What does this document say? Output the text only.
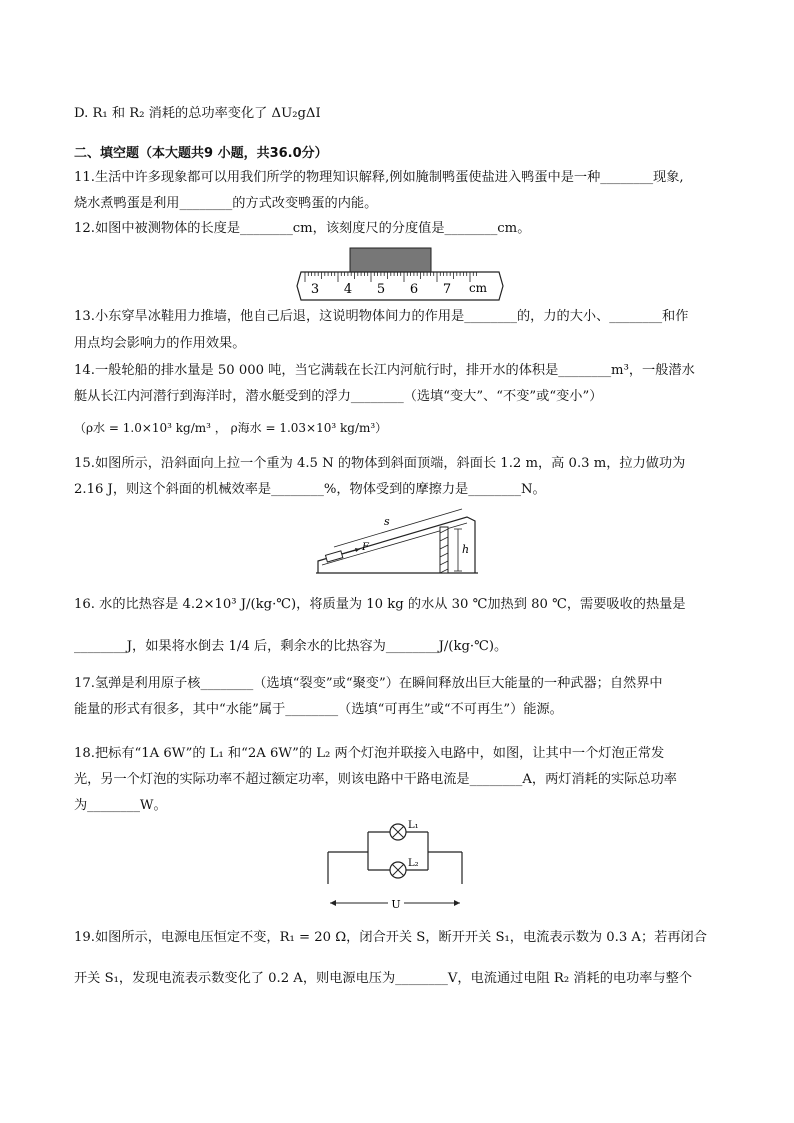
D. R₁ 和 R₂ 消耗的总功率变化了 ΔU₂gΔI
二、填空题（本大题共9 小题，共36.0分）
11.生活中许多现象都可以用我们所学的物理知识解释,例如腌制鸭蛋使盐进入鸭蛋中是一种________现象,
烧水煮鸭蛋是利用________的方式改变鸭蛋的内能。
12.如图中被测物体的长度是________cm，该刻度尺的分度值是________cm。
3 4 5 6 7 cm
13.小东穿旱冰鞋用力推墙，他自己后退，这说明物体间力的作用是________的，力的大小、________和作
用点均会影响力的作用效果。
14.一般轮船的排水量是 50 000 吨，当它满载在长江内河航行时，排开水的体积是________m³，一般潜水
艇从长江内河潜行到海洋时，潜水艇受到的浮力________（选填“变大”、“不变”或“变小”）
（ρ水 = 1.0×10³ kg/m³ ， ρ海水 = 1.03×10³ kg/m³）
15.如图所示，沿斜面向上拉一个重为 4.5 N 的物体到斜面顶端，斜面长 1.2 m，高 0.3 m，拉力做功为
2.16 J，则这个斜面的机械效率是________%，物体受到的摩擦力是________N。
h
s
F
16. 水的比热容是 4.2×10³ J/(kg·℃)，将质量为 10 kg 的水从 30 ℃加热到 80 ℃，需要吸收的热量是
________J，如果将水倒去 1/4 后，剩余水的比热容为________J/(kg·℃)。
17.氢弹是利用原子核________（选填“裂变”或“聚变”）在瞬间释放出巨大能量的一种武器；自然界中
能量的形式有很多，其中“水能”属于________（选填“可再生”或“不可再生”）能源。
18.把标有“1A 6W”的 L₁ 和“2A 6W”的 L₂ 两个灯泡并联接入电路中，如图，让其中一个灯泡正常发
光，另一个灯泡的实际功率不超过额定功率，则该电路中干路电流是________A，两灯消耗的实际总功率
为________W。
L₁
L₂
U
19.如图所示，电源电压恒定不变，R₁ = 20 Ω，闭合开关 S，断开开关 S₁，电流表示数为 0.3 A；若再闭合
开关 S₁，发现电流表示数变化了 0.2 A，则电源电压为________V，电流通过电阻 R₂ 消耗的电功率与整个
